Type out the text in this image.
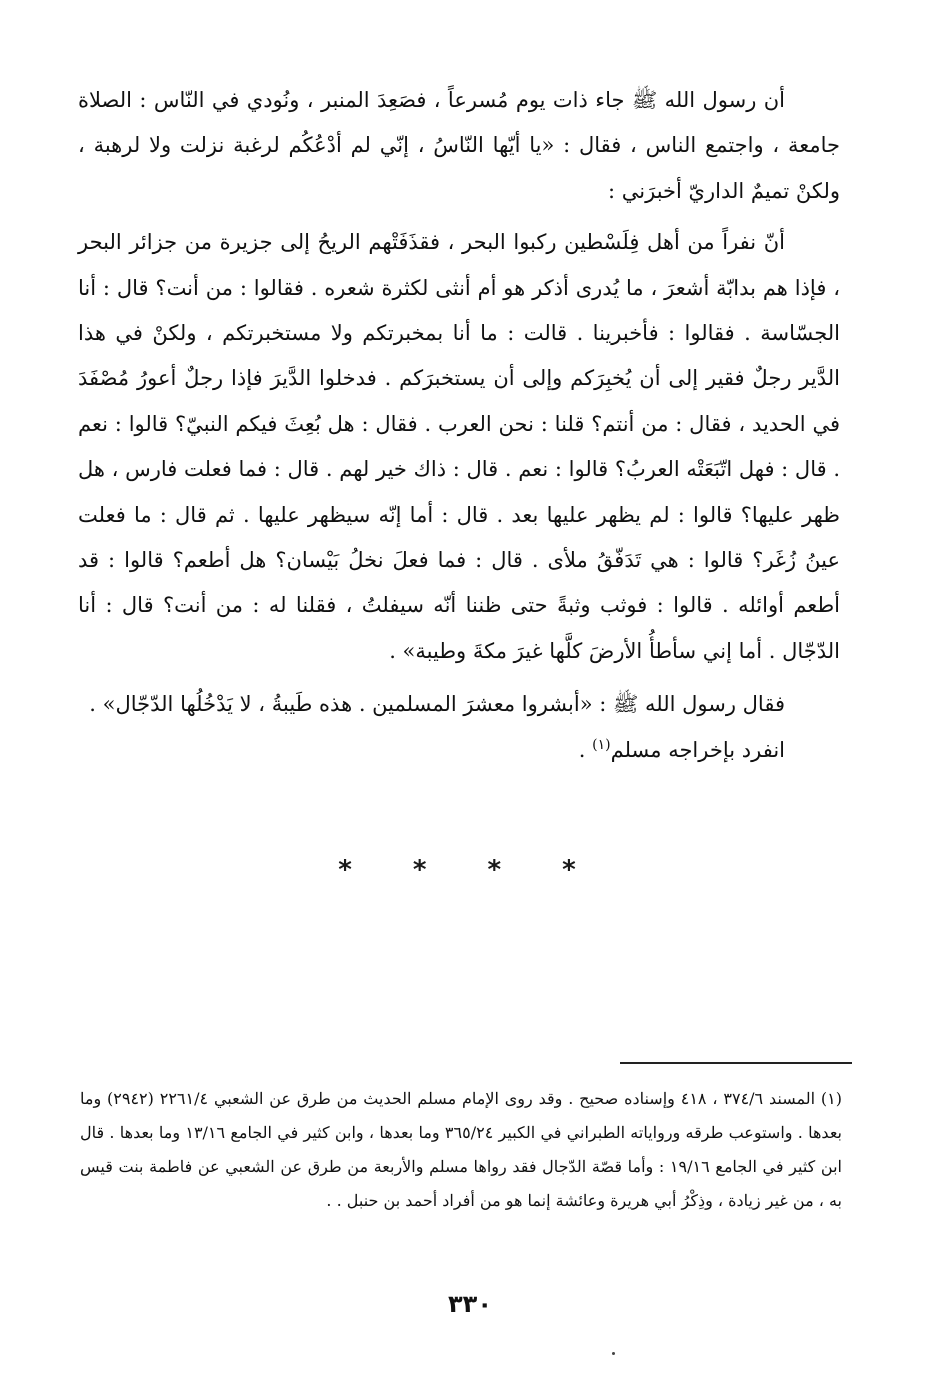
أن رسول الله ﷺ جاء ذات يوم مُسرعاً ، فصَعِدَ المنبر ، ونُودي في النّاس : الصلاة جامعة ، واجتمع الناس ، فقال : «يا أيّها النّاسُ ، إنّي لم أدْعُكُم لرغبة نزلت ولا لرهبة ، ولكنْ تميمٌ الداريّ أخبرَني :

أنّ نفراً من أهل فِلَسْطين ركبوا البحر ، فقذَفَتْهم الريحُ إلى جزيرة من جزائر البحر ، فإذا هم بدابّة أشعرَ ، ما يُدرى أذكر هو أم أنثى لكثرة شعره . فقالوا : من أنت؟ قال : أنا الجسّاسة . فقالوا : فأخبرينا . قالت : ما أنا بمخبرتكم ولا مستخبرتكم ، ولكنْ في هذا الدَّير رجلٌ فقير إلى أن يُخبِرَكم وإلى أن يستخبرَكم . فدخلوا الدَّيرَ فإذا رجلٌ أعورُ مُصْفَدَ في الحديد ، فقال : من أنتم؟ قلنا : نحن العرب . فقال : هل بُعِثَ فيكم النبيّ؟ قالوا : نعم . قال : فهل اتّبَعَتْه العربُ؟ قالوا : نعم . قال : ذاك خير لهم . قال : فما فعلت فارس ، هل ظهر عليها؟ قالوا : لم يظهر عليها بعد . قال : أما إنّه سيظهر عليها . ثم قال : ما فعلت عينُ زُغَر؟ قالوا : هي تَدَفّقُ ملأى . قال : فما فعلَ نخلُ بَيْسان؟ هل أطعم؟ قالوا : قد أطعم أوائله . قالوا : فوثب وثبةً حتى ظننا أنّه سيفلتُ ، فقلنا له : من أنت؟ قال : أنا الدّجّال . أما إني سأطأُ الأرضَ كلَّها غيرَ مكةَ وطيبة» .

فقال رسول الله ﷺ : «أبشروا معشرَ المسلمين . هذه طَيبةُ ، لا يَدْخُلُها الدّجّال» .

انفرد بإخراجه مسلم$^{(١)}$ .

* * * *

(١) المسند ٣٧٤/٦ ، ٤١٨ وإسناده صحيح . وقد روى الإمام مسلم الحديث من طرق عن الشعبي ٢٢٦١/٤ (٢٩٤٢) وما بعدها . واستوعب طرقه ورواياته الطبراني في الكبير ٣٦٥/٢٤ وما بعدها ، وابن كثير في الجامع ١٣/١٦ وما بعدها . قال ابن كثير في الجامع ١٩/١٦ : وأما قصّة الدّجال فقد رواها مسلم والأربعة من طرق عن الشعبي عن فاطمة بنت قيس به ، من غير زيادة ، وذِكْرُ أبي هريرة وعائشة إنما هو من أفراد أحمد بن حنبل . .

٣٣٠
